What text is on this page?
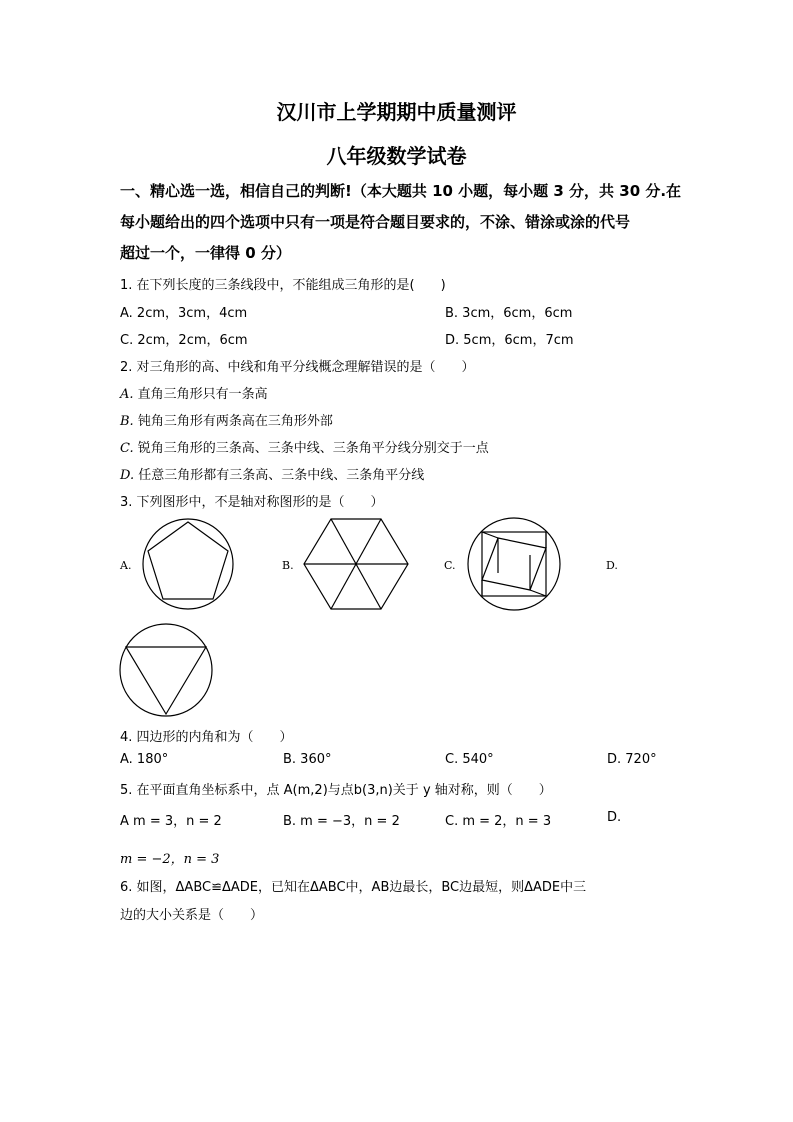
汉川市上学期期中质量测评
八年级数学试卷
一、精心选一选，相信自己的判断!（本大题共 10 小题，每小题 3 分，共 30 分.在
每小题给出的四个选项中只有一项是符合题目要求的，不涂、错涂或涂的代号
超过一个，一律得 0 分）
1. 在下列长度的三条线段中，不能组成三角形的是(　　)
A. 2cm，3cm，4cm	B. 3cm，6cm，6cm
C. 2cm，2cm，6cm	D. 5cm，6cm，7cm
2. 对三角形的高、中线和角平分线概念理解错误的是（　　）
A. 直角三角形只有一条高
B. 钝角三角形有两条高在三角形外部
C. 锐角三角形的三条高、三条中线、三条角平分线分别交于一点
D. 任意三角形都有三条高、三条中线、三条角平分线
3. 下列图形中，不是轴对称图形的是（　　）
A.	B.	C.	D.
4. 四边形的内角和为（　　）
A. 180°	B. 360°	C. 540°	D. 720°
5. 在平面直角坐标系中，点 A(m,2)与点b(3,n)关于 y 轴对称，则（　　）
A m = 3，n = 2	B. m = −3，n = 2	C. m = 2，n = 3	D.
m = −2，n = 3
6. 如图，ΔABC≌ΔADE，已知在ΔABC中，AB边最长，BC边最短，则ΔADE中三
边的大小关系是（　　）
